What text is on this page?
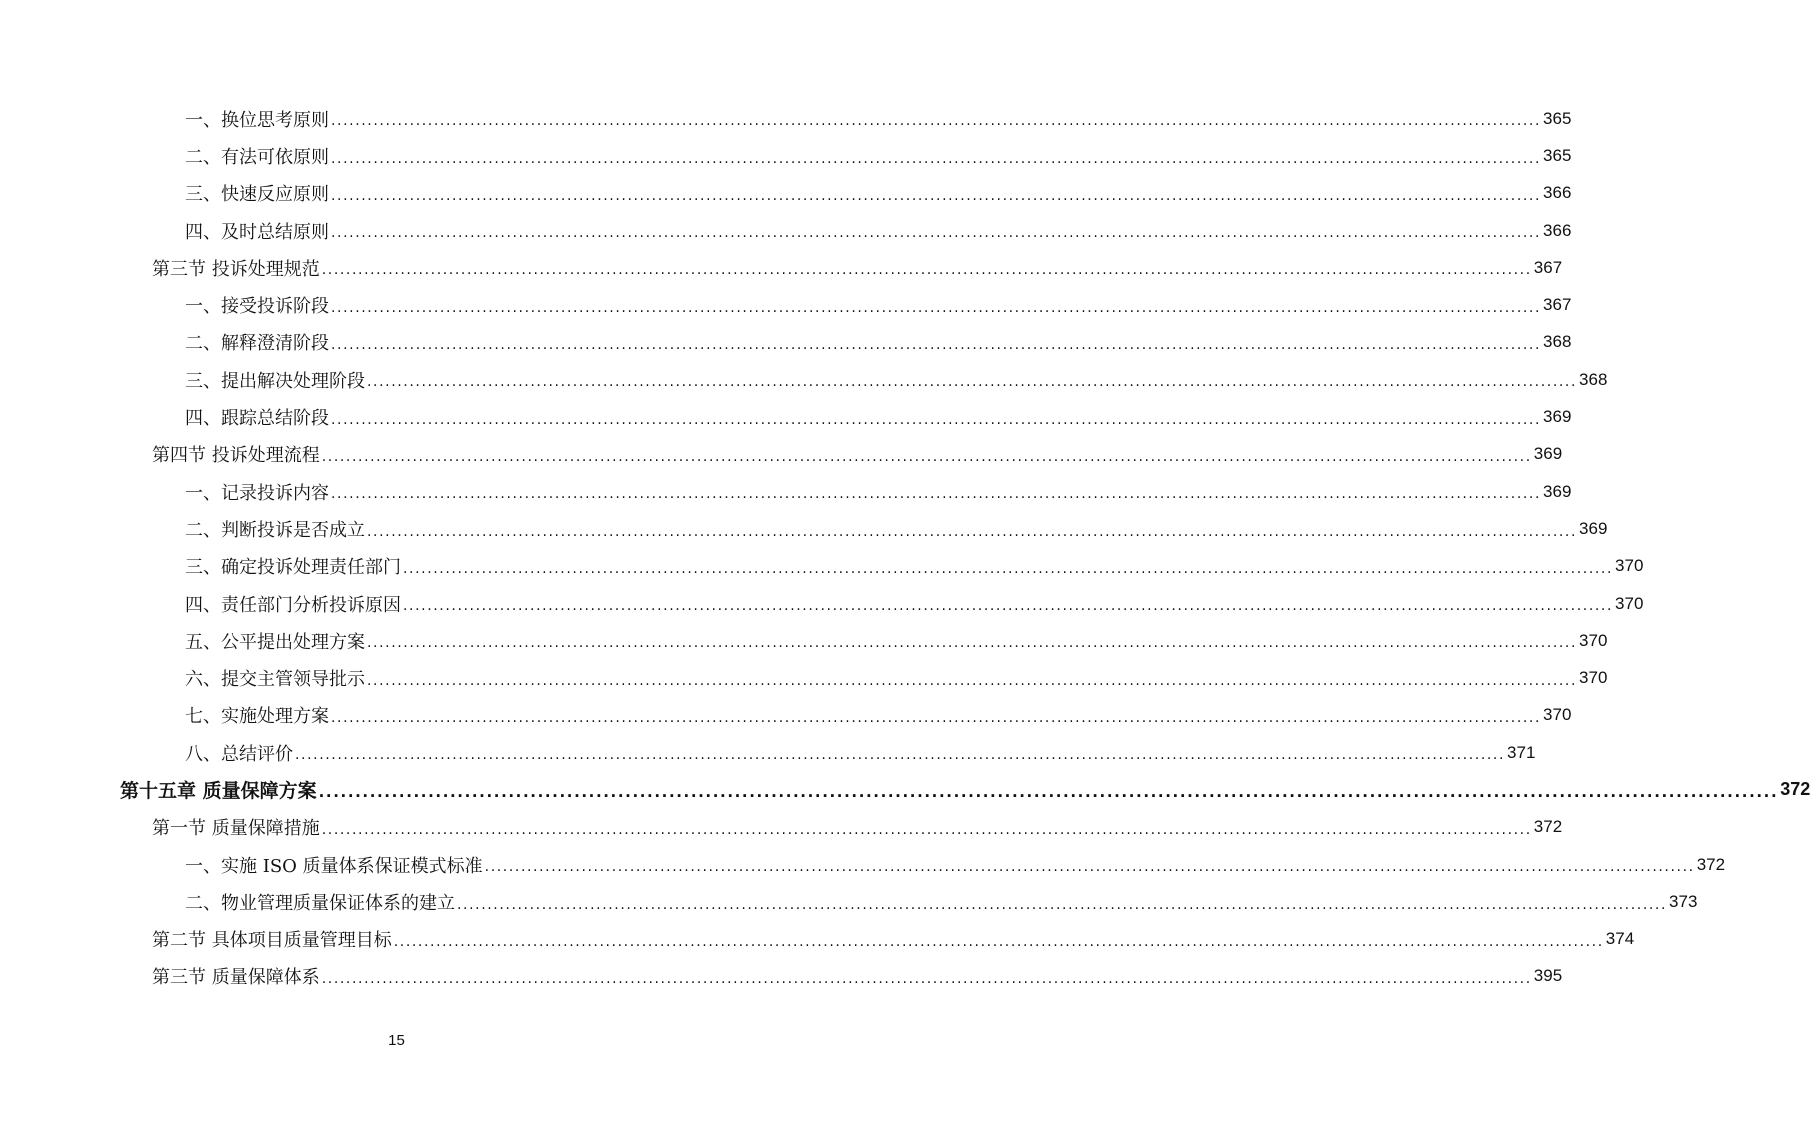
一、换位思考原则 ........................................................................................................................................................................................................ 365
二、有法可依原则 ........................................................................................................................................................................................................ 365
三、快速反应原则 ........................................................................................................................................................................................................ 366
四、及时总结原则 ........................................................................................................................................................................................................ 366
第三节 投诉处理规范 ........................................................................................................................................................................................................ 367
一、接受投诉阶段 ........................................................................................................................................................................................................ 367
二、解释澄清阶段 ........................................................................................................................................................................................................ 368
三、提出解决处理阶段 ........................................................................................................................................................................................................ 368
四、跟踪总结阶段 ........................................................................................................................................................................................................ 369
第四节 投诉处理流程 ........................................................................................................................................................................................................ 369
一、记录投诉内容 ........................................................................................................................................................................................................ 369
二、判断投诉是否成立 ........................................................................................................................................................................................................ 369
三、确定投诉处理责任部门 ........................................................................................................................................................................................................ 370
四、责任部门分析投诉原因 ........................................................................................................................................................................................................ 370
五、公平提出处理方案 ........................................................................................................................................................................................................ 370
六、提交主管领导批示 ........................................................................................................................................................................................................ 370
七、实施处理方案 ........................................................................................................................................................................................................ 370
八、总结评价 ........................................................................................................................................................................................................ 371
第十五章 质量保障方案 ........................................................................................................................................................................................................ 372
第一节 质量保障措施 ........................................................................................................................................................................................................ 372
一、实施 ISO 质量体系保证模式标准 ........................................................................................................................................................................................................ 372
二、物业管理质量保证体系的建立 ........................................................................................................................................................................................................ 373
第二节 具体项目质量管理目标 ........................................................................................................................................................................................................ 374
第三节 质量保障体系 ........................................................................................................................................................................................................ 395
15
